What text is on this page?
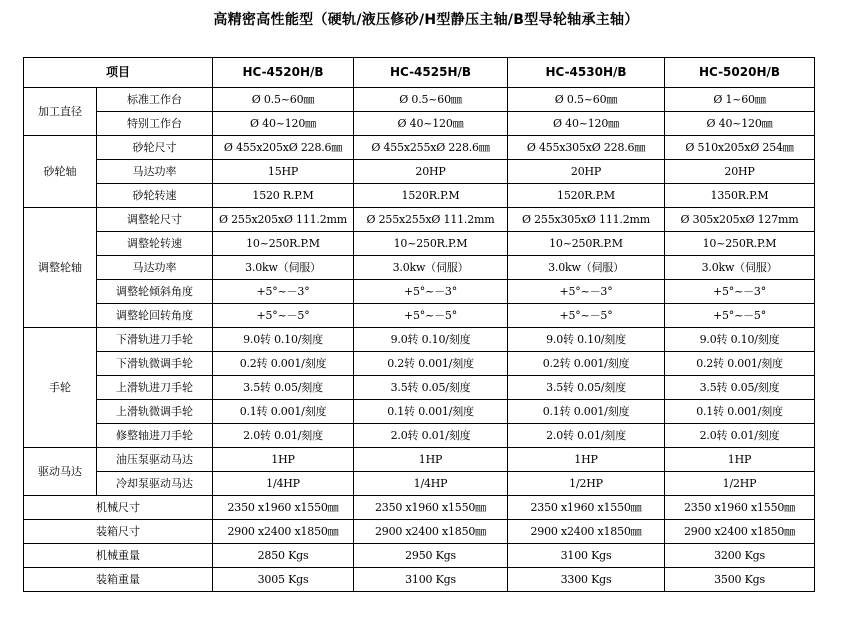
高精密高性能型（硬轨/液压修砂/H型静压主轴/B型导轮轴承主轴）
项目		HC-4520H/B	HC-4525H/B	HC-4530H/B	HC-5020H/B
加工直径	标准工作台	Ø 0.5~60㎜	Ø 0.5~60㎜	Ø 0.5~60㎜	Ø 1~60㎜
	特别工作台	Ø 40~120㎜	Ø 40~120㎜	Ø 40~120㎜	Ø 40~120㎜
砂轮轴	砂轮尺寸	Ø 455x205xØ 228.6㎜	Ø 455x255xØ 228.6㎜	Ø 455x305xØ 228.6㎜	Ø 510x205xØ 254㎜
	马达功率	15HP	20HP	20HP	20HP
	砂轮转速	1520 R.P.M	1520R.P.M	1520R.P.M	1350R.P.M
调整轮轴	调整轮尺寸	Ø 255x205xØ 111.2mm	Ø 255x255xØ 111.2mm	Ø 255x305xØ 111.2mm	Ø 305x205xØ 127mm
	调整轮转速	10~250R.P.M	10~250R.P.M	10~250R.P.M	10~250R.P.M
	马达功率	3.0kw（伺服）	3.0kw（伺服）	3.0kw（伺服）	3.0kw（伺服）
	调整轮倾斜角度	+5°~－3°	+5°~－3°	+5°~－3°	+5°~－3°
	调整轮回转角度	+5°~－5°	+5°~－5°	+5°~－5°	+5°~－5°
手轮	下滑轨进刀手轮	9.0转 0.10/刻度	9.0转 0.10/刻度	9.0转 0.10/刻度	9.0转 0.10/刻度
	下滑轨微调手轮	0.2转 0.001/刻度	0.2转 0.001/刻度	0.2转 0.001/刻度	0.2转 0.001/刻度
	上滑轨进刀手轮	3.5转 0.05/刻度	3.5转 0.05/刻度	3.5转 0.05/刻度	3.5转 0.05/刻度
	上滑轨微调手轮	0.1转 0.001/刻度	0.1转 0.001/刻度	0.1转 0.001/刻度	0.1转 0.001/刻度
	修整轴进刀手轮	2.0转 0.01/刻度	2.0转 0.01/刻度	2.0转 0.01/刻度	2.0转 0.01/刻度
驱动马达	油压泵驱动马达	1HP	1HP	1HP	1HP
	冷却泵驱动马达	1/4HP	1/4HP	1/2HP	1/2HP
机械尺寸		2350 x1960 x1550㎜	2350 x1960 x1550㎜	2350 x1960 x1550㎜	2350 x1960 x1550㎜
装箱尺寸		2900 x2400 x1850㎜	2900 x2400 x1850㎜	2900 x2400 x1850㎜	2900 x2400 x1850㎜
机械重量		2850 Kgs	2950 Kgs	3100 Kgs	3200 Kgs
装箱重量		3005 Kgs	3100 Kgs	3300 Kgs	3500 Kgs
